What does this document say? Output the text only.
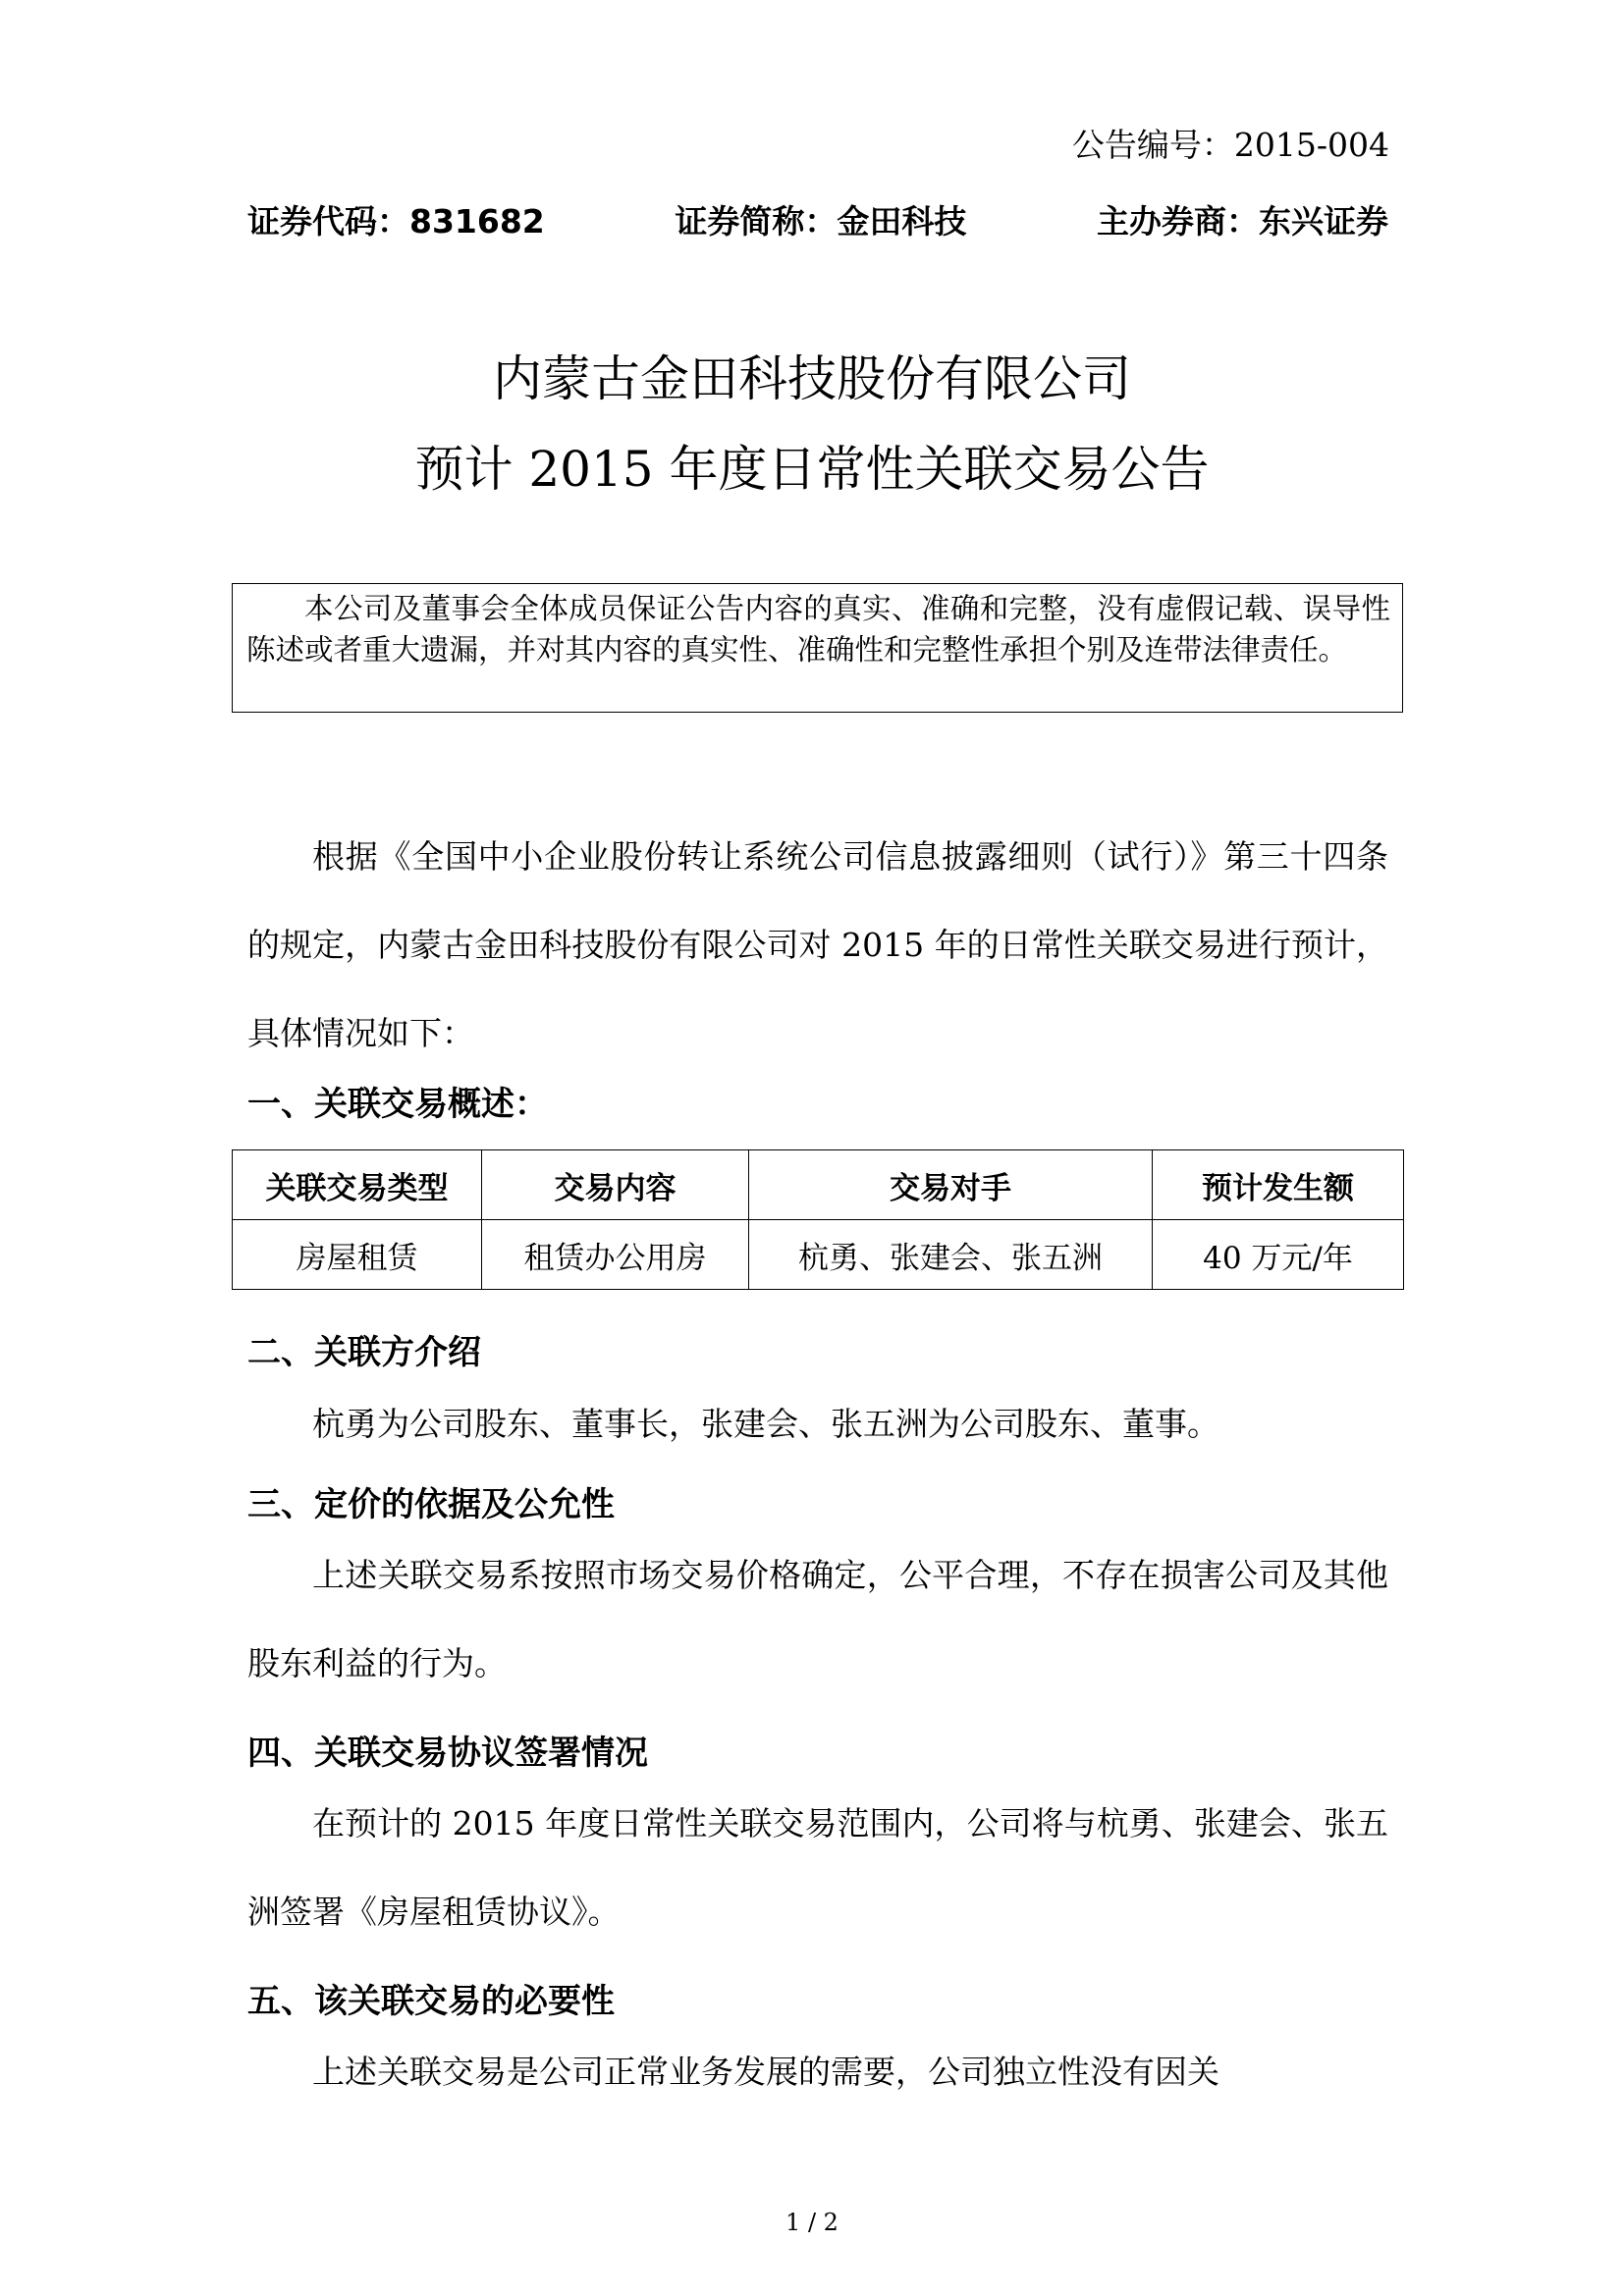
公告编号：2015-004
证券代码：831682	证券简称：金田科技	主办券商：东兴证券
内蒙古金田科技股份有限公司
预计 2015 年度日常性关联交易公告
本公司及董事会全体成员保证公告内容的真实、准确和完整，没有虚假记载、误导性陈述或者重大遗漏，并对其内容的真实性、准确性和完整性承担个别及连带法律责任。
根据《全国中小企业股份转让系统公司信息披露细则（试行）》第三十四条的规定，内蒙古金田科技股份有限公司对 2015 年的日常性关联交易进行预计，具体情况如下：
一、关联交易概述：
关联交易类型	交易内容	交易对手	预计发生额
房屋租赁	租赁办公用房	杭勇、张建会、张五洲	40 万元/年
二、关联方介绍
杭勇为公司股东、董事长，张建会、张五洲为公司股东、董事。
三、定价的依据及公允性
上述关联交易系按照市场交易价格确定，公平合理，不存在损害公司及其他股东利益的行为。
四、关联交易协议签署情况
在预计的 2015 年度日常性关联交易范围内，公司将与杭勇、张建会、张五洲签署《房屋租赁协议》。
五、该关联交易的必要性
上述关联交易是公司正常业务发展的需要，公司独立性没有因关
1 / 2
